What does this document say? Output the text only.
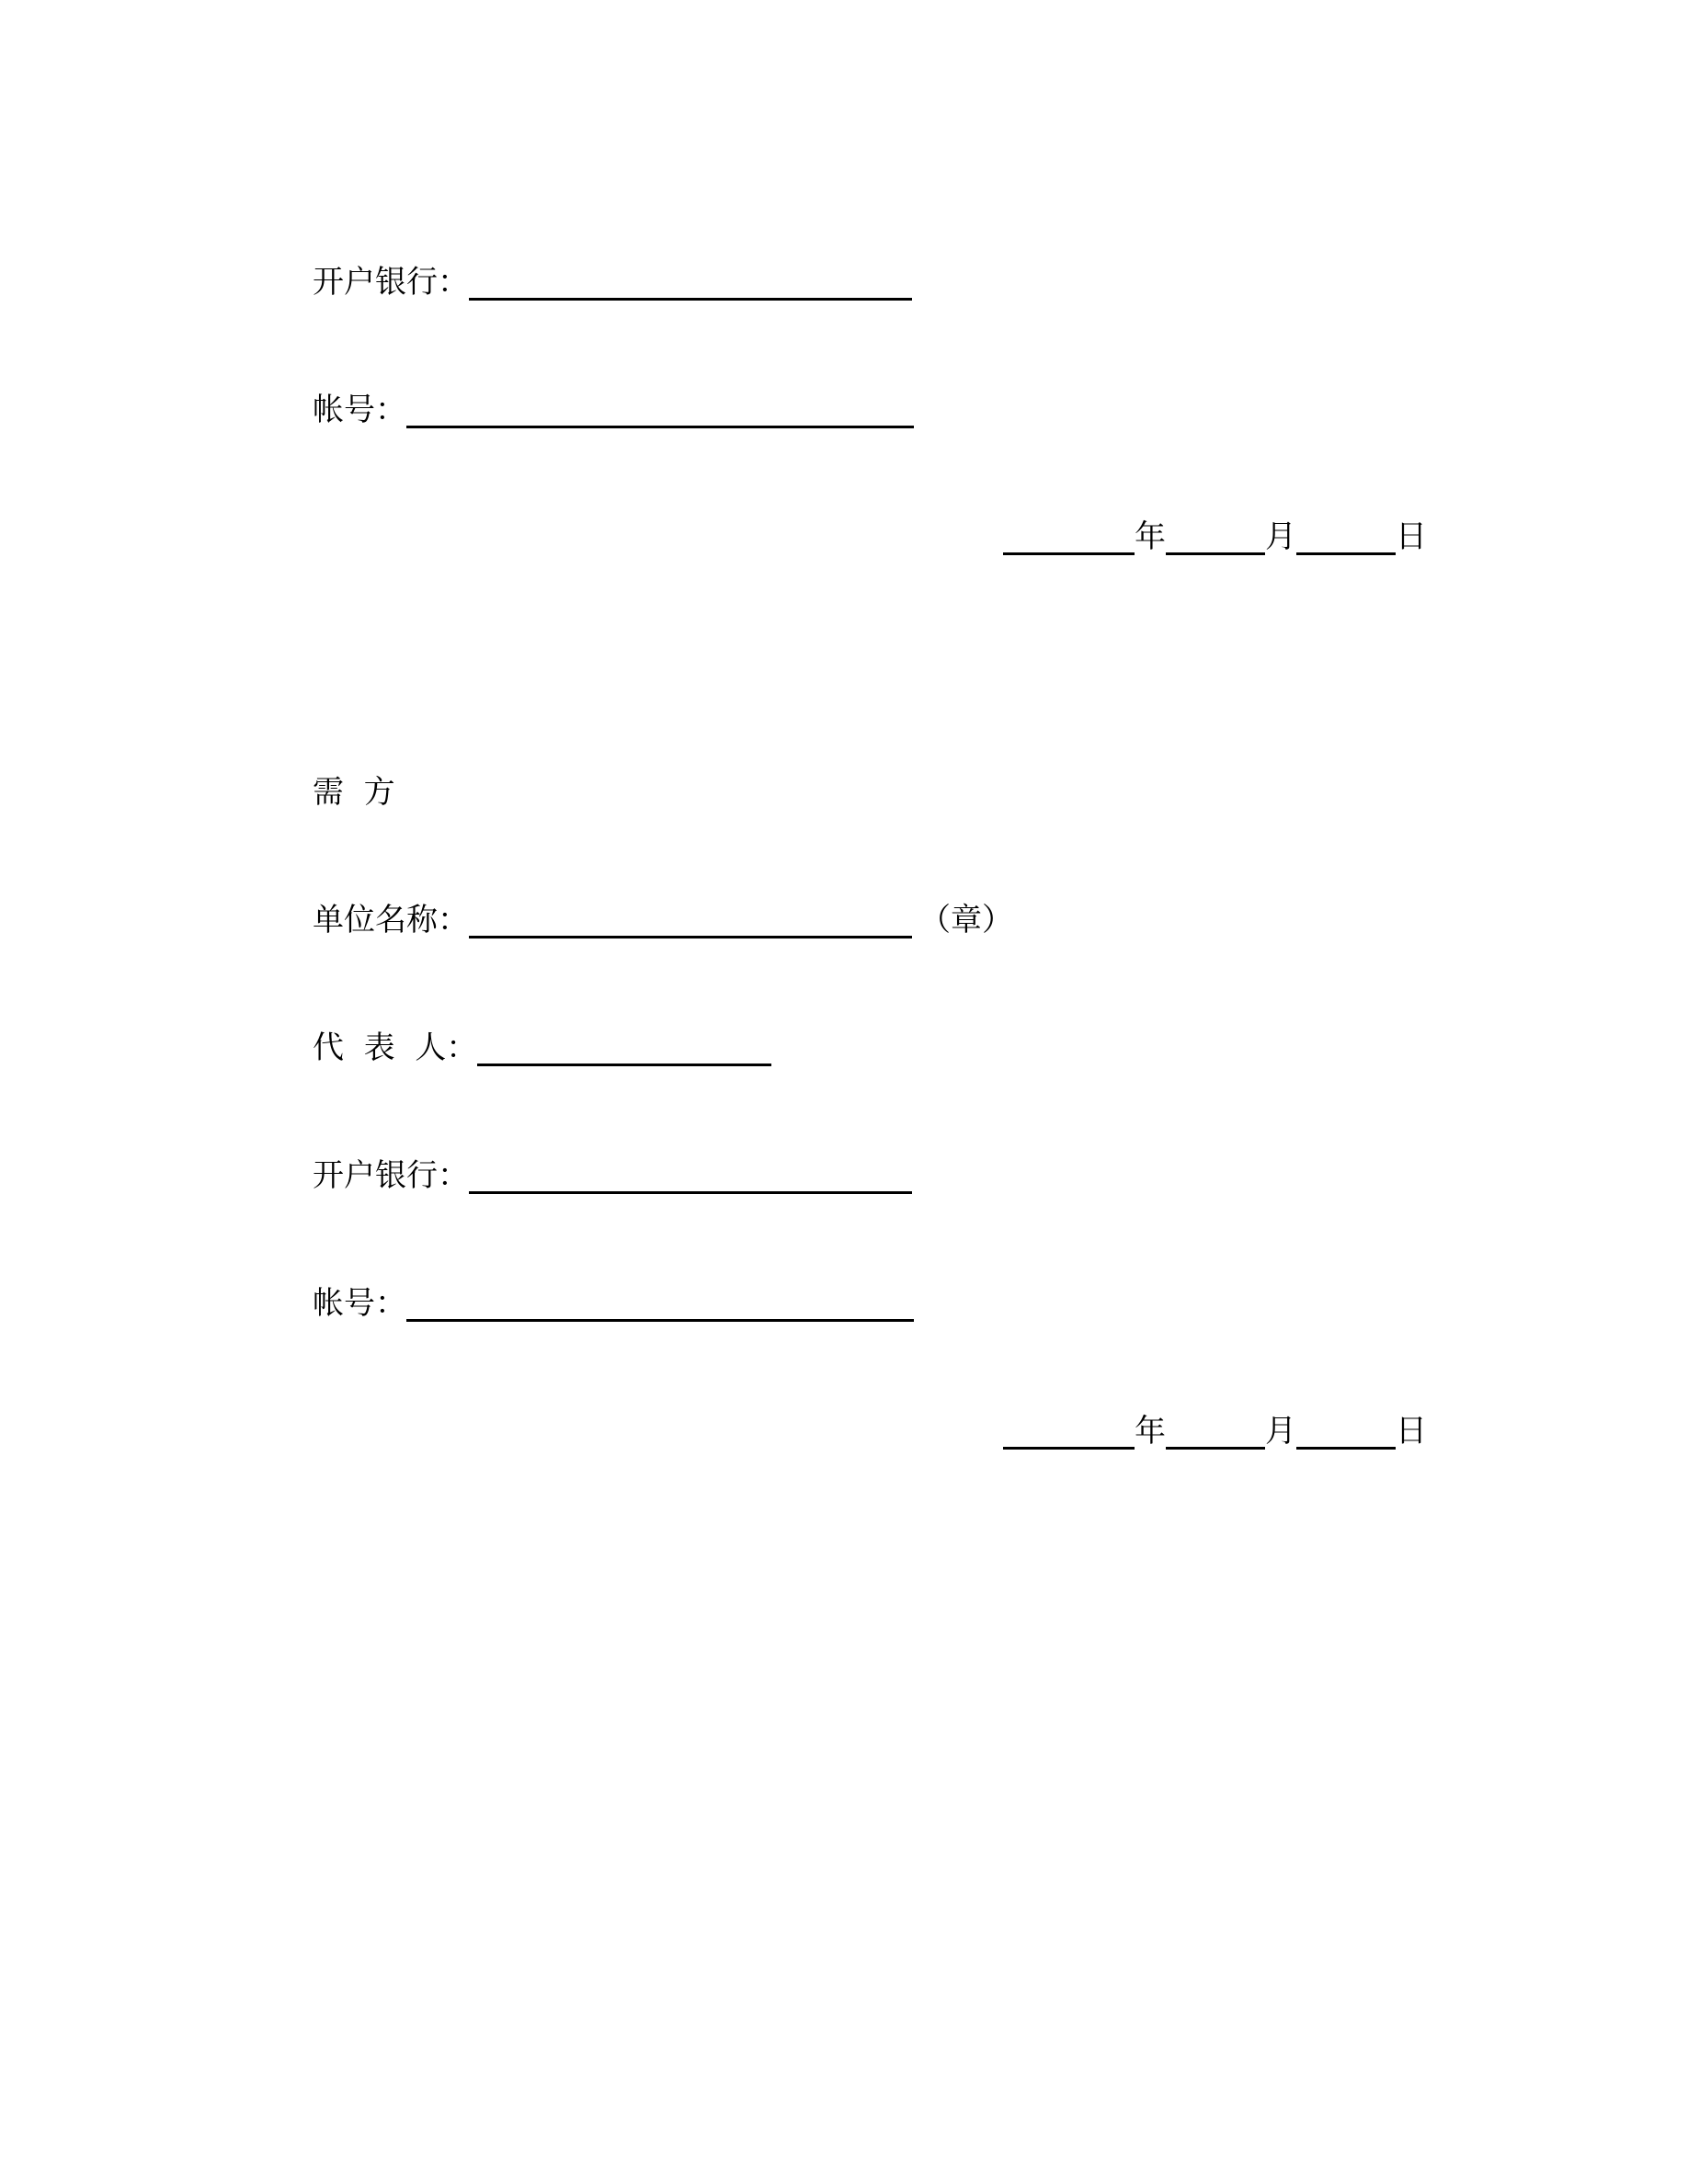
开户银行：
帐号：
年	月	日
需  方
单位名称：	（章）
代  表  人：
开户银行：
帐号：
年	月	日
